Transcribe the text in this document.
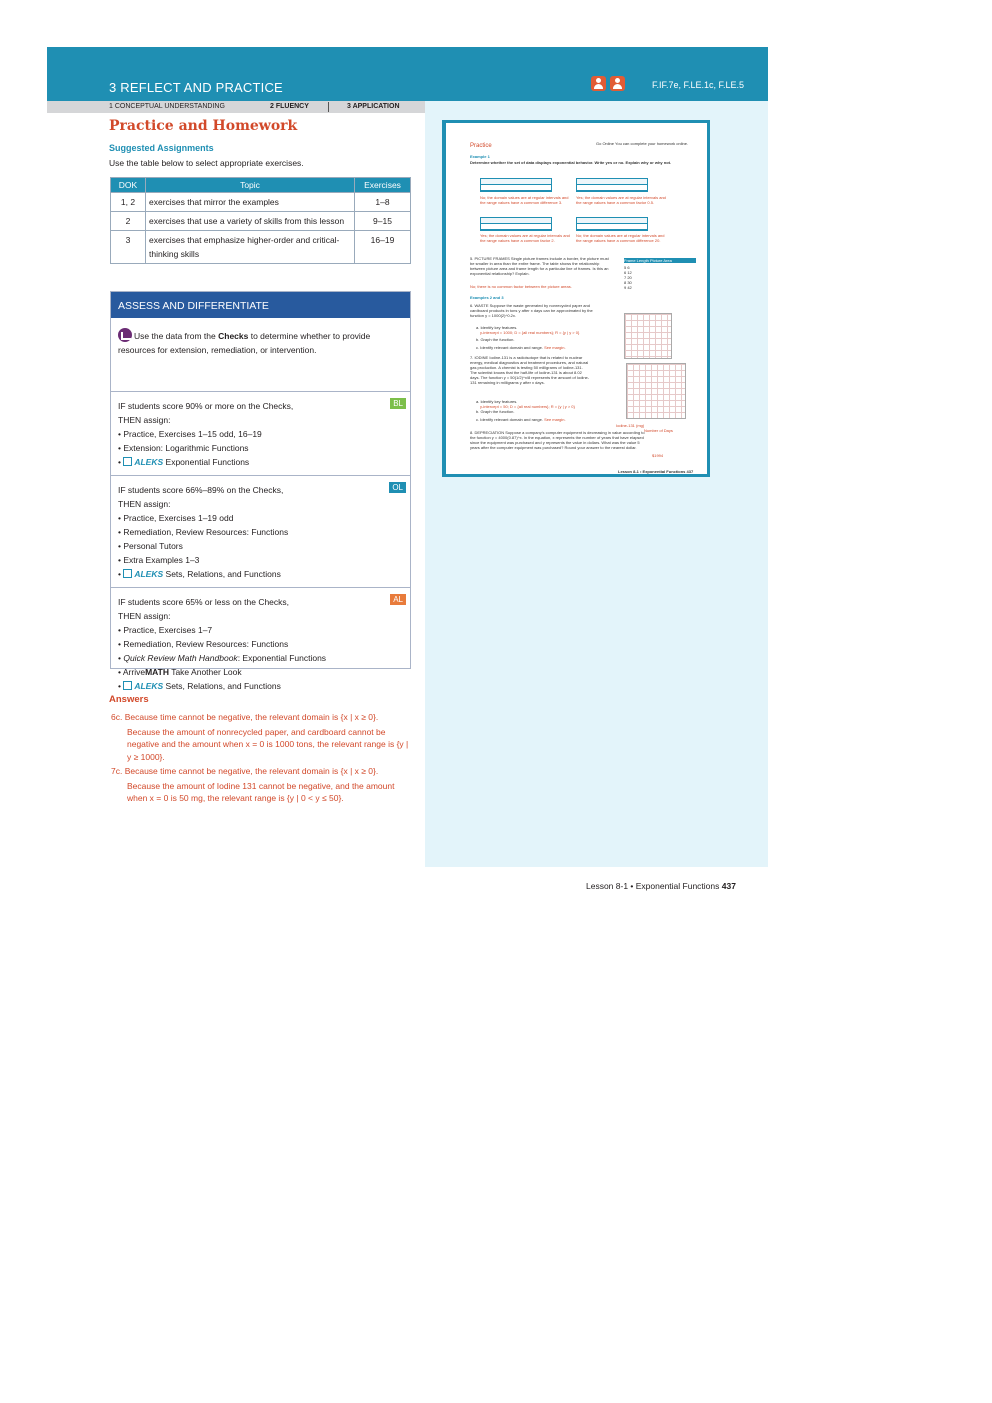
3 REFLECT AND PRACTICE	F.IF.7e, F.LE.1c, F.LE.5
1 CONCEPTUAL UNDERSTANDING	2 FLUENCY	3 APPLICATION
Practice and Homework
Suggested Assignments
Use the table below to select appropriate exercises.
DOK	Topic	Exercises
1, 2	exercises that mirror the examples	1–8
2	exercises that use a variety of skills from this lesson	9–15
3	exercises that emphasize higher-order and critical-thinking skills	16–19
ASSESS AND DIFFERENTIATE
Use the data from the Checks to determine whether to provide resources for extension, remediation, or intervention.
BL
IF students score 90% or more on the Checks,
THEN assign:
• Practice, Exercises 1–15 odd, 16–19
• Extension: Logarithmic Functions
• ALEKS Exponential Functions
OL
IF students score 66%–89% on the Checks,
THEN assign:
• Practice, Exercises 1–19 odd
• Remediation, Review Resources: Functions
• Personal Tutors
• Extra Examples 1–3
• ALEKS Sets, Relations, and Functions
AL
IF students score 65% or less on the Checks,
THEN assign:
• Practice, Exercises 1–7
• Remediation, Review Resources: Functions
• Quick Review Math Handbook: Exponential Functions
• ArriveMATH Take Another Look
• ALEKS Sets, Relations, and Functions
Answers

6c. Because time cannot be negative, the relevant domain is {x | x ≥ 0}.

Because the amount of nonrecycled paper, and cardboard cannot be negative and the amount when x = 0 is 1000 tons, the relevant range is {y | y ≥ 1000}.

7c. Because time cannot be negative, the relevant domain is {x | x ≥ 0}.

Because the amount of Iodine 131 cannot be negative, and the amount when x = 0 is 50 mg, the relevant range is {y | 0 < y ≤ 50}.

Practice	Go Online You can complete your homework online.
Example 1
Determine whether the set of data displays exponential behavior. Write yes or no. Explain why or why not.
No; the domain values are at regular intervals and the range values have a common difference 3.
Yes; the domain values are at regular intervals and the range values have a common factor 0.5.
Yes; the domain values are at regular intervals and the range values have a common factor 2.
No; the domain values are at regular intervals and the range values have a common difference 20.
5. PICTURE FRAMES Single picture frames include a border, the picture must be smaller in area than the entire frame. The table shows the relationship between picture area and frame length for a particular line of frames. Is this an exponential relationship? Explain.
No; there is no common factor between the picture areas.
Frame Length Picture Area
5 6
6 12
7 20
8 30
9 42
Examples 2 and 3
6. WASTE Suppose the waste generated by nonrecycled paper and cardboard products in tons y after x days can be approximated by the function y = 1000(2)^0.2x.
a. Identify key features.
y-intercept = 1000; D = {all real numbers}; R = {y | y > 0}
b. Graph the function.
c. Identify relevant domain and range. See margin.
7. IODINE Iodine-131 is a radioisotope that is related to nuclear energy, medical diagnostics and treatment procedures, and natural gas production. A chemist is testing 50 milligrams of Iodine-131. The scientist knows that the half-life of Iodine-131 is about 8.02 days. The function y = 50(1/2)^x/8 represents the amount of Iodine-131 remaining in milligrams y after x days.
a. Identify key features.
y-intercept = 50; D = {all real numbers}; R = {y | y > 0}
b. Graph the function.
c. Identify relevant domain and range. See margin.
Iodine-131 (mg)
Number of Days
8. DEPRECIATION Suppose a company's computer equipment is decreasing in value according to the function y = 4000(0.87)^x. In the equation, x represents the number of years that have elapsed since the equipment was purchased and y represents the value in dollars. What was the value 5 years after the computer equipment was purchased? Round your answer to the nearest dollar.
$1994
Lesson 8-1 • Exponential Functions 437
Lesson 8-1 • Exponential Functions 437
